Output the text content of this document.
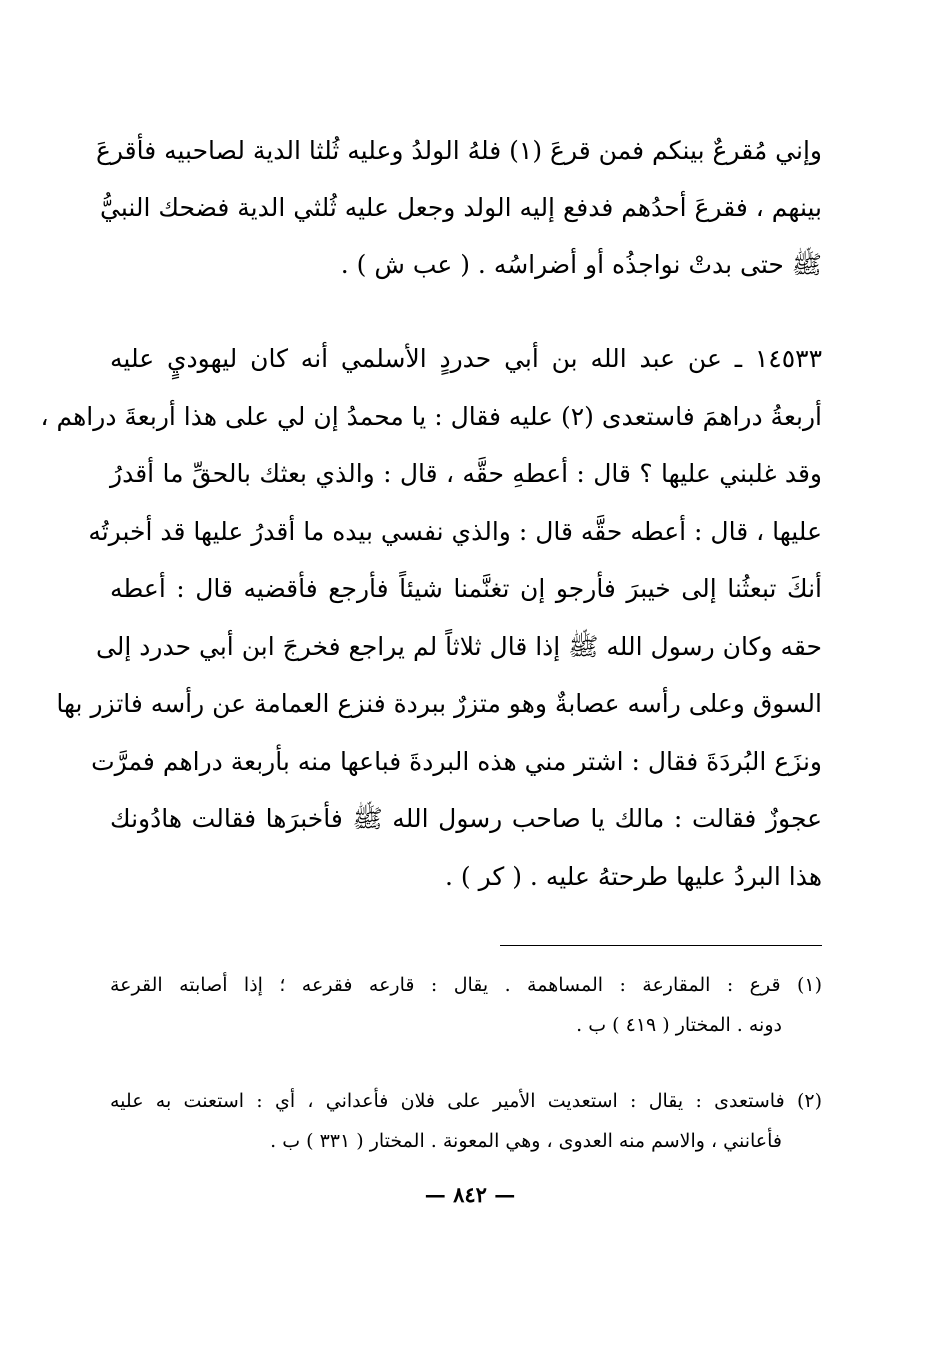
وإني مُقرعٌ بينكم فمن قرعَ (١) فلهُ الولدُ وعليه ثُلثا الدية لصاحبيه فأقرعَ
بينهم ، فقرعَ أحدُهم فدفع إليه الولد وجعل عليه ثُلثي الدية فضحك النبيُّ
ﷺ حتى بدتْ نواجذُه أو أضراسُه . ( عب ش ) .
١٤٥٣٣ ـ عن عبد الله بن أبي حدردٍ الأسلمي أنه كان ليهوديٍ عليه
أربعةُ دراهمَ فاستعدى (٢) عليه فقال : يا محمدُ إن لي على هذا أربعةَ دراهم ،
وقد غلبني عليها ؟ قال : أعطهِ حقَّه ، قال : والذي بعثك بالحقِّ ما أقدرُ
عليها ، قال : أعطه حقَّه قال : والذي نفسي بيده ما أقدرُ عليها قد أخبرتُه
أنكَ تبعثُنا إلى خيبرَ فأرجو إن تغنَّمنا شيئاً فأرجع فأقضيه قال : أعطه
حقه وكان رسول الله ﷺ إذا قال ثلاثاً لم يراجع فخرجَ ابن أبي حدرد إلى
السوق وعلى رأسه عصابةٌ وهو متزرٌ ببردة فنزع العمامة عن رأسه فاتزر بها
ونزَع البُردَةَ فقال : اشتر مني هذه البردةَ فباعها منه بأربعة دراهم فمرَّت
عجوزٌ فقالت : مالك يا صاحب رسول الله ﷺ فأخبرَها فقالت هادُونك
هذا البردُ عليها طرحتهُ عليه . ( كر ) .
(١) قرع : المقارعة : المساهمة . يقال : قارعه فقرعه ؛ إذا أصابته القرعة
دونه . المختار ( ٤١٩ ) ب .
(٢) فاستعدى : يقال : استعديت الأمير على فلان فأعداني ، أي : استعنت به عليه
فأعانني ، والاسم منه العدوى ، وهي المعونة . المختار ( ٣٣١ ) ب .
— ٨٤٢ —
